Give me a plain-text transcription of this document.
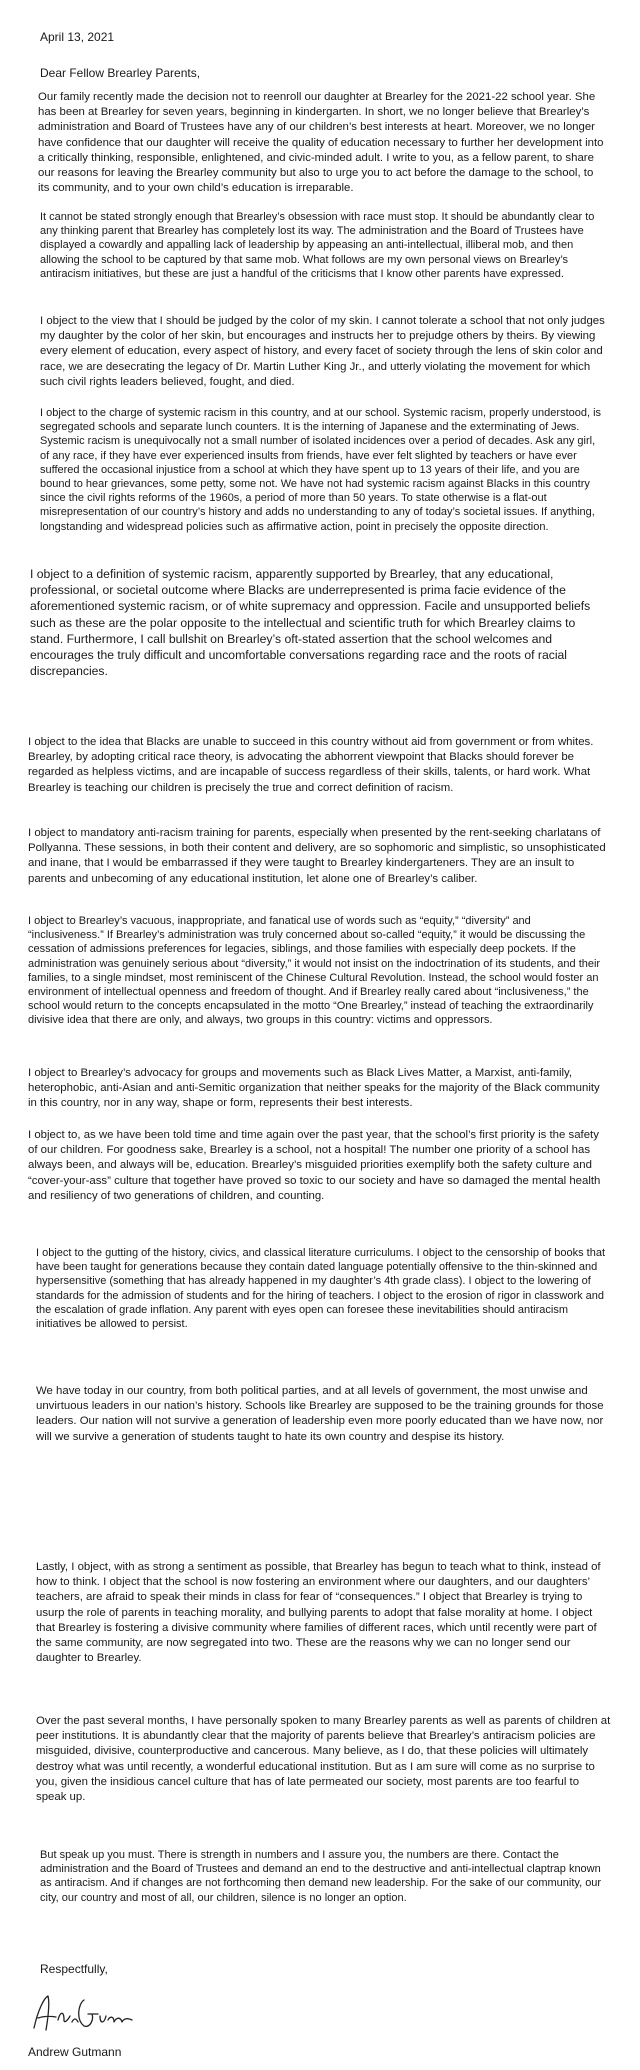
April 13, 2021

Dear Fellow Brearley Parents,

Our family recently made the decision not to reenroll our daughter at Brearley for the 2021-22 school year. She has been at Brearley for seven years, beginning in kindergarten. In short, we no longer believe that Brearley’s administration and Board of Trustees have any of our children’s best interests at heart. Moreover, we no longer have confidence that our daughter will receive the quality of education necessary to further her development into a critically thinking, responsible, enlightened, and civic-minded adult. I write to you, as a fellow parent, to share our reasons for leaving the Brearley community but also to urge you to act before the damage to the school, to its community, and to your own child’s education is irreparable.

It cannot be stated strongly enough that Brearley’s obsession with race must stop. It should be abundantly clear to any thinking parent that Brearley has completely lost its way. The administration and the Board of Trustees have displayed a cowardly and appalling lack of leadership by appeasing an anti-intellectual, illiberal mob, and then allowing the school to be captured by that same mob. What follows are my own personal views on Brearley’s antiracism initiatives, but these are just a handful of the criticisms that I know other parents have expressed.

I object to the view that I should be judged by the color of my skin. I cannot tolerate a school that not only judges my daughter by the color of her skin, but encourages and instructs her to prejudge others by theirs. By viewing every element of education, every aspect of history, and every facet of society through the lens of skin color and race, we are desecrating the legacy of Dr. Martin Luther King Jr., and utterly violating the movement for which such civil rights leaders believed, fought, and died.

I object to the charge of systemic racism in this country, and at our school. Systemic racism, properly understood, is segregated schools and separate lunch counters. It is the interning of Japanese and the exterminating of Jews. Systemic racism is unequivocally not a small number of isolated incidences over a period of decades. Ask any girl, of any race, if they have ever experienced insults from friends, have ever felt slighted by teachers or have ever suffered the occasional injustice from a school at which they have spent up to 13 years of their life, and you are bound to hear grievances, some petty, some not. We have not had systemic racism against Blacks in this country since the civil rights reforms of the 1960s, a period of more than 50 years. To state otherwise is a flat-out misrepresentation of our country’s history and adds no understanding to any of today’s societal issues. If anything, longstanding and widespread policies such as affirmative action, point in precisely the opposite direction.

I object to a definition of systemic racism, apparently supported by Brearley, that any educational, professional, or societal outcome where Blacks are underrepresented is prima facie evidence of the aforementioned systemic racism, or of white supremacy and oppression. Facile and unsupported beliefs such as these are the polar opposite to the intellectual and scientific truth for which Brearley claims to stand. Furthermore, I call bullshit on Brearley’s oft-stated assertion that the school welcomes and encourages the truly difficult and uncomfortable conversations regarding race and the roots of racial discrepancies.

I object to the idea that Blacks are unable to succeed in this country without aid from government or from whites. Brearley, by adopting critical race theory, is advocating the abhorrent viewpoint that Blacks should forever be regarded as helpless victims, and are incapable of success regardless of their skills, talents, or hard work. What Brearley is teaching our children is precisely the true and correct definition of racism.

I object to mandatory anti-racism training for parents, especially when presented by the rent-seeking charlatans of Pollyanna. These sessions, in both their content and delivery, are so sophomoric and simplistic, so unsophisticated and inane, that I would be embarrassed if they were taught to Brearley kindergarteners. They are an insult to parents and unbecoming of any educational institution, let alone one of Brearley’s caliber.

I object to Brearley’s vacuous, inappropriate, and fanatical use of words such as “equity,” “diversity” and “inclusiveness.” If Brearley’s administration was truly concerned about so-called “equity,” it would be discussing the cessation of admissions preferences for legacies, siblings, and those families with especially deep pockets. If the administration was genuinely serious about “diversity,” it would not insist on the indoctrination of its students, and their families, to a single mindset, most reminiscent of the Chinese Cultural Revolution. Instead, the school would foster an environment of intellectual openness and freedom of thought. And if Brearley really cared about “inclusiveness,” the school would return to the concepts encapsulated in the motto “One Brearley,” instead of teaching the extraordinarily divisive idea that there are only, and always, two groups in this country: victims and oppressors.

I object to Brearley’s advocacy for groups and movements such as Black Lives Matter, a Marxist, anti-family, heterophobic, anti-Asian and anti-Semitic organization that neither speaks for the majority of the Black community in this country, nor in any way, shape or form, represents their best interests.

I object to, as we have been told time and time again over the past year, that the school’s first priority is the safety of our children. For goodness sake, Brearley is a school, not a hospital! The number one priority of a school has always been, and always will be, education. Brearley’s misguided priorities exemplify both the safety culture and “cover-your-ass” culture that together have proved so toxic to our society and have so damaged the mental health and resiliency of two generations of children, and counting.

I object to the gutting of the history, civics, and classical literature curriculums. I object to the censorship of books that have been taught for generations because they contain dated language potentially offensive to the thin-skinned and hypersensitive (something that has already happened in my daughter’s 4th grade class). I object to the lowering of standards for the admission of students and for the hiring of teachers. I object to the erosion of rigor in classwork and the escalation of grade inflation. Any parent with eyes open can foresee these inevitabilities should antiracism initiatives be allowed to persist.

We have today in our country, from both political parties, and at all levels of government, the most unwise and unvirtuous leaders in our nation’s history. Schools like Brearley are supposed to be the training grounds for those leaders. Our nation will not survive a generation of leadership even more poorly educated than we have now, nor will we survive a generation of students taught to hate its own country and despise its history.

Lastly, I object, with as strong a sentiment as possible, that Brearley has begun to teach what to think, instead of how to think. I object that the school is now fostering an environment where our daughters, and our daughters’ teachers, are afraid to speak their minds in class for fear of “consequences.” I object that Brearley is trying to usurp the role of parents in teaching morality, and bullying parents to adopt that false morality at home. I object that Brearley is fostering a divisive community where families of different races, which until recently were part of the same community, are now segregated into two. These are the reasons why we can no longer send our daughter to Brearley.

Over the past several months, I have personally spoken to many Brearley parents as well as parents of children at peer institutions. It is abundantly clear that the majority of parents believe that Brearley’s antiracism policies are misguided, divisive, counterproductive and cancerous. Many believe, as I do, that these policies will ultimately destroy what was until recently, a wonderful educational institution. But as I am sure will come as no surprise to you, given the insidious cancel culture that has of late permeated our society, most parents are too fearful to speak up.

But speak up you must. There is strength in numbers and I assure you, the numbers are there. Contact the administration and the Board of Trustees and demand an end to the destructive and anti-intellectual claptrap known as antiracism. And if changes are not forthcoming then demand new leadership. For the sake of our community, our city, our country and most of all, our children, silence is no longer an option.

Respectfully,
Andrew Gutmann
